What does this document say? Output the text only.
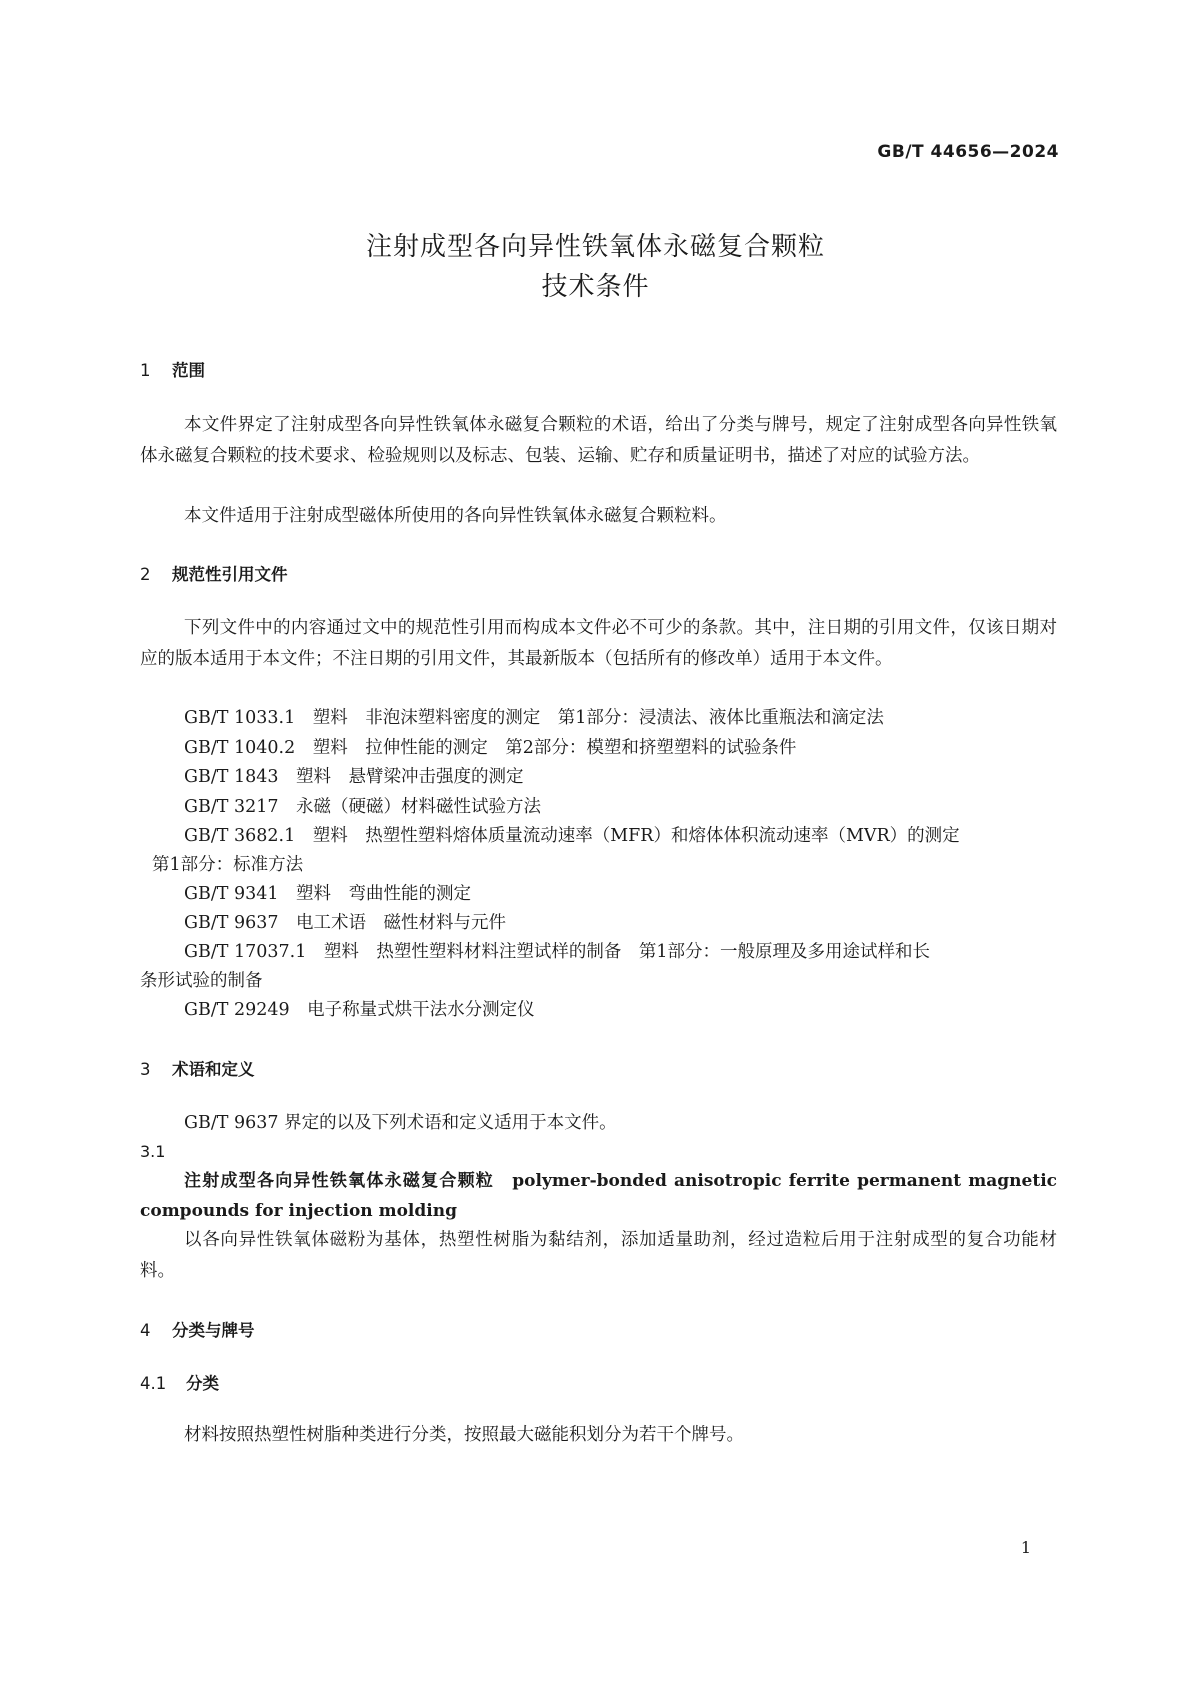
GB/T 44656—2024
注射成型各向异性铁氧体永磁复合颗粒
技术条件
1 范围
本文件界定了注射成型各向异性铁氧体永磁复合颗粒的术语，给出了分类与牌号，规定了注射成型各向异性铁氧体永磁复合颗粒的技术要求、检验规则以及标志、包装、运输、贮存和质量证明书，描述了对应的试验方法。
本文件适用于注射成型磁体所使用的各向异性铁氧体永磁复合颗粒料。
2 规范性引用文件
下列文件中的内容通过文中的规范性引用而构成本文件必不可少的条款。其中，注日期的引用文件，仅该日期对应的版本适用于本文件；不注日期的引用文件，其最新版本（包括所有的修改单）适用于本文件。
GB/T 1033.1　塑料　非泡沫塑料密度的测定　第1部分：浸渍法、液体比重瓶法和滴定法
GB/T 1040.2　塑料　拉伸性能的测定　第2部分：模塑和挤塑塑料的试验条件
GB/T 1843　塑料　悬臂梁冲击强度的测定
GB/T 3217　永磁（硬磁）材料磁性试验方法
GB/T 3682.1　塑料　热塑性塑料熔体质量流动速率（MFR）和熔体体积流动速率（MVR）的测定
第1部分：标准方法
GB/T 9341　塑料　弯曲性能的测定
GB/T 9637　电工术语　磁性材料与元件
GB/T 17037.1　塑料　热塑性塑料材料注塑试样的制备　第1部分：一般原理及多用途试样和长
条形试验的制备
GB/T 29249　电子称量式烘干法水分测定仪
3 术语和定义
GB/T 9637 界定的以及下列术语和定义适用于本文件。
3.1
注射成型各向异性铁氧体永磁复合颗粒　 polymer-bonded anisotropic ferrite permanent magnetic compounds for injection molding
以各向异性铁氧体磁粉为基体，热塑性树脂为黏结剂，添加适量助剂，经过造粒后用于注射成型的复合功能材料。
4 分类与牌号
4.1 分类
材料按照热塑性树脂种类进行分类，按照最大磁能积划分为若干个牌号。
1
